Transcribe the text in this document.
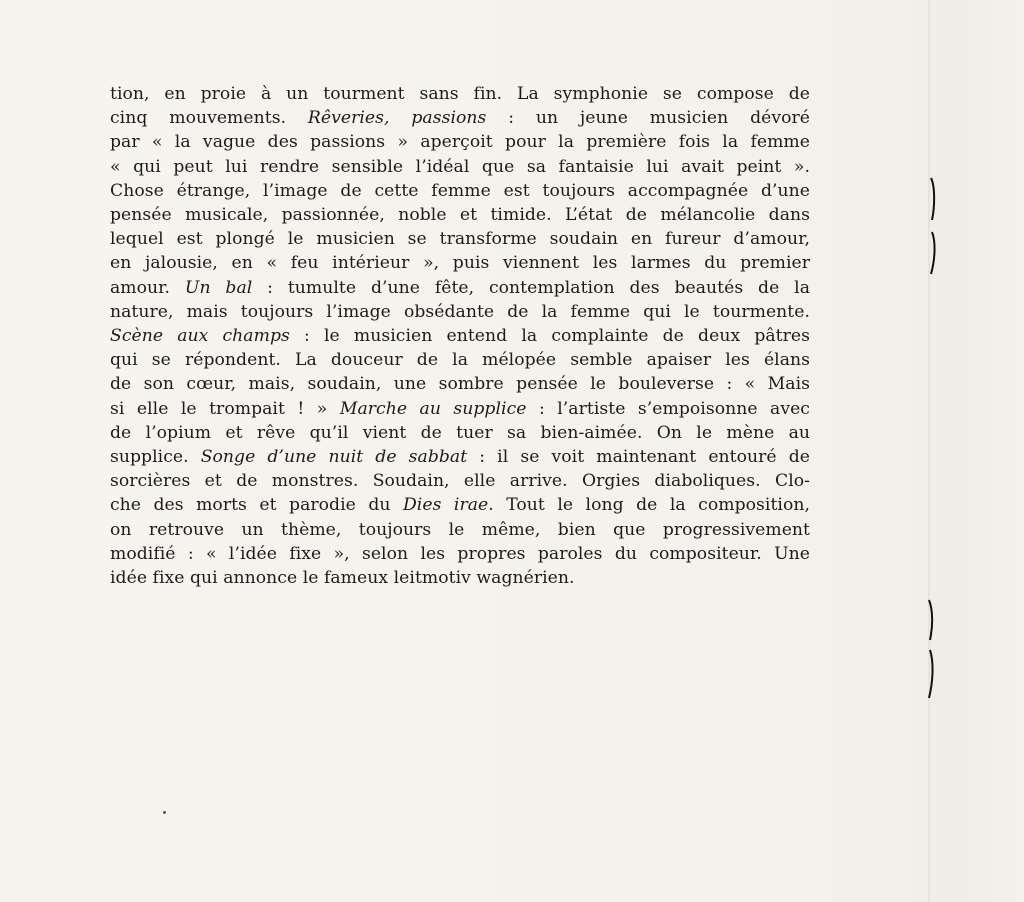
tion, en proie à un tourment sans fin. La symphonie se compose de
cinq mouvements. Rêveries, passions : un jeune musicien dévoré
par « la vague des passions » aperçoit pour la première fois la femme
« qui peut lui rendre sensible l’idéal que sa fantaisie lui avait peint ».
Chose étrange, l’image de cette femme est toujours accompagnée d’une
pensée musicale, passionnée, noble et timide. L’état de mélancolie dans
lequel est plongé le musicien se transforme soudain en fureur d’amour,
en jalousie, en « feu intérieur », puis viennent les larmes du premier
amour. Un bal : tumulte d’une fête, contemplation des beautés de la
nature, mais toujours l’image obsédante de la femme qui le tourmente.
Scène aux champs : le musicien entend la complainte de deux pâtres
qui se répondent. La douceur de la mélopée semble apaiser les élans
de son cœur, mais, soudain, une sombre pensée le bouleverse : « Mais
si elle le trompait ! » Marche au supplice : l’artiste s’empoisonne avec
de l’opium et rêve qu’il vient de tuer sa bien-aimée. On le mène au
supplice. Songe d’une nuit de sabbat : il se voit maintenant entouré de
sorcières et de monstres. Soudain, elle arrive. Orgies diaboliques. Clo-
che des morts et parodie du Dies irae. Tout le long de la composition,
on retrouve un thème, toujours le même, bien que progressivement
modifié : « l’idée fixe », selon les propres paroles du compositeur. Une
idée fixe qui annonce le fameux leitmotiv wagnérien.
